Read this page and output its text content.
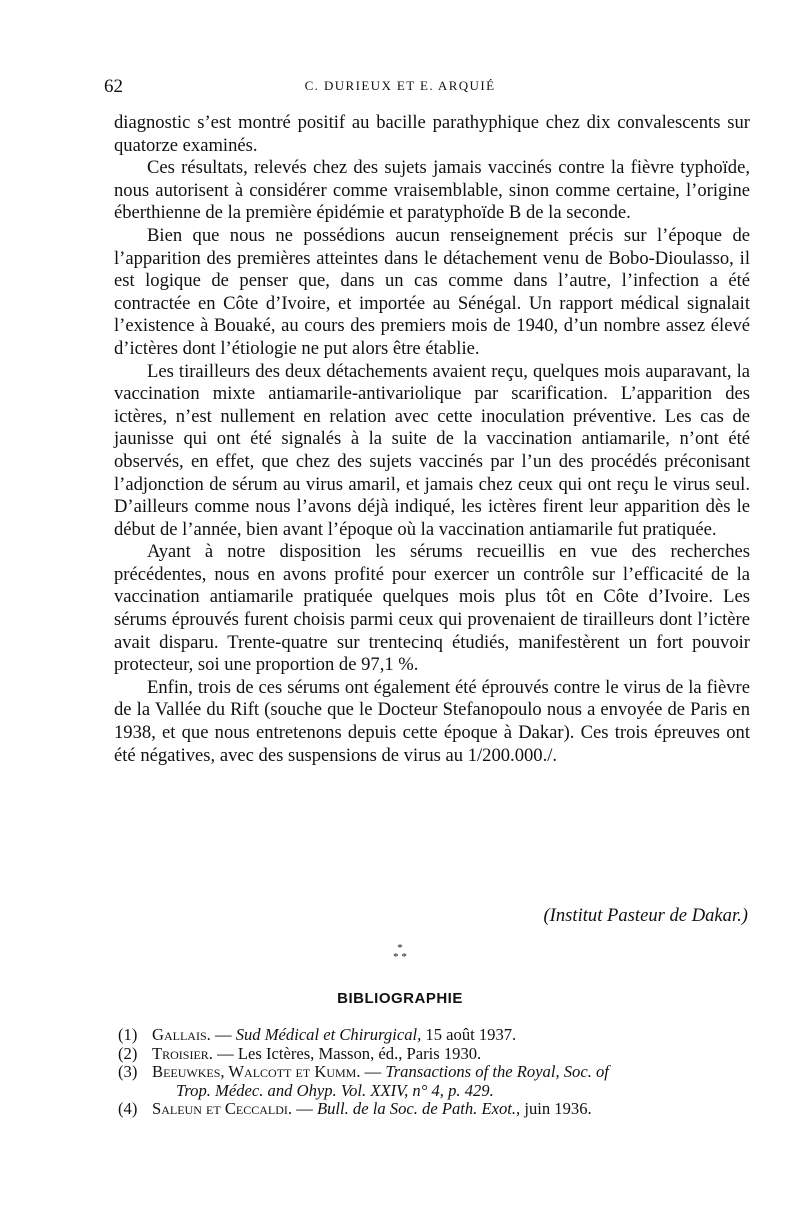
62	C. DURIEUX ET E. ARQUIÉ

diagnostic s’est montré positif au bacille parathyphique chez dix convalescents sur quatorze examinés.

Ces résultats, relevés chez des sujets jamais vaccinés contre la fièvre typhoïde, nous autorisent à considérer comme vraisemblable, sinon comme certaine, l’origine éberthienne de la première épidémie et paratyphoïde B de la seconde.

Bien que nous ne possédions aucun renseignement précis sur l’époque de l’apparition des premières atteintes dans le détachement venu de Bobo-Dioulasso, il est logique de penser que, dans un cas comme dans l’autre, l’infection a été contractée en Côte d’Ivoire, et importée au Sénégal. Un rapport médical signalait l’existence à Bouaké, au cours des premiers mois de 1940, d’un nombre assez élevé d’ictères dont l’étiologie ne put alors être établie.

Les tirailleurs des deux détachements avaient reçu, quelques mois auparavant, la vaccination mixte antiamarile-antivariolique par scarification. L’apparition des ictères, n’est nullement en relation avec cette inoculation préventive. Les cas de jaunisse qui ont été signalés à la suite de la vaccination antiamarile, n’ont été observés, en effet, que chez des sujets vaccinés par l’un des procédés préconisant l’adjonction de sérum au virus amaril, et jamais chez ceux qui ont reçu le virus seul. D’ailleurs comme nous l’avons déjà indiqué, les ictères firent leur apparition dès le début de l’année, bien avant l’époque où la vaccination antiamarile fut pratiquée.

Ayant à notre disposition les sérums recueillis en vue des recherches précédentes, nous en avons profité pour exercer un contrôle sur l’efficacité de la vaccination antiamarile pratiquée quelques mois plus tôt en Côte d’Ivoire. Les sérums éprouvés furent choisis parmi ceux qui provenaient de tirailleurs dont l’ictère avait disparu. Trente-quatre sur trentecinq étudiés, manifestèrent un fort pouvoir protecteur, soi une proportion de 97,1 %.

Enfin, trois de ces sérums ont également été éprouvés contre le virus de la fièvre de la Vallée du Rift (souche que le Docteur Stefanopoulo nous a envoyée de Paris en 1938, et que nous entretenons depuis cette époque à Dakar). Ces trois épreuves ont été négatives, avec des suspensions de virus au 1/200.000./.

(Institut Pasteur de Dakar.)
*
* *
BIBLIOGRAPHIE
(1) Gallais. — Sud Médical et Chirurgical, 15 août 1937.
(2) Troisier. — Les Ictères, Masson, éd., Paris 1930.
(3) Beeuwkes, Walcott et Kumm. — Transactions of the Royal, Soc. of
Trop. Médec. and Ohyp. Vol. XXIV, n° 4, p. 429.
(4) Saleun et Ceccaldi. — Bull. de la Soc. de Path. Exot., juin 1936.
